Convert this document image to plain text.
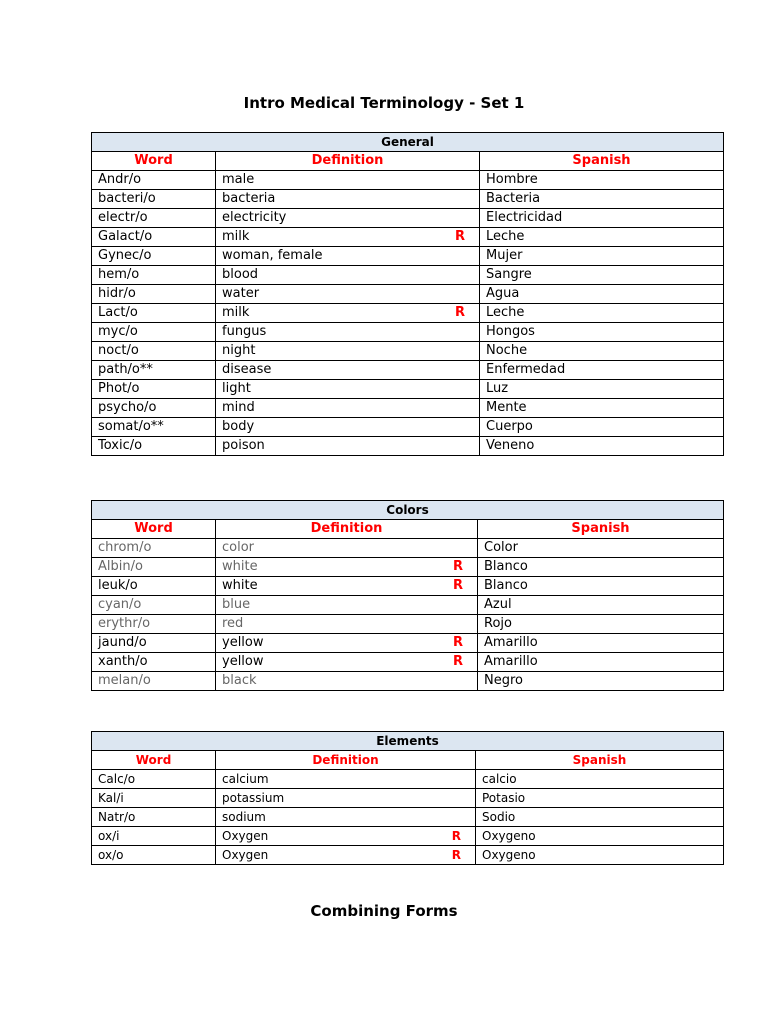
Intro Medical Terminology - Set 1
General		
Word	Definition	Spanish
Andr/o	male	Hombre
bacteri/o	bacteria	Bacteria
electr/o	electricity	Electricidad
Galact/o	milk R	Leche
Gynec/o	woman, female	Mujer
hem/o	blood	Sangre
hidr/o	water	Agua
Lact/o	milk R	Leche
myc/o	fungus	Hongos
noct/o	night	Noche
path/o**	disease	Enfermedad
Phot/o	light	Luz
psycho/o	mind	Mente
somat/o**	body	Cuerpo
Toxic/o	poison	Veneno
Colors		
Word	Definition	Spanish
chrom/o	color	Color
Albin/o	white R	Blanco
leuk/o	white R	Blanco
cyan/o	blue	Azul
erythr/o	red	Rojo
jaund/o	yellow R	Amarillo
xanth/o	yellow R	Amarillo
melan/o	black	Negro
Elements		
Word	Definition	Spanish
Calc/o	calcium	calcio
Kal/i	potassium	Potasio
Natr/o	sodium	Sodio
ox/i	Oxygen R	Oxygeno
ox/o	Oxygen R	Oxygeno
Combining Forms
